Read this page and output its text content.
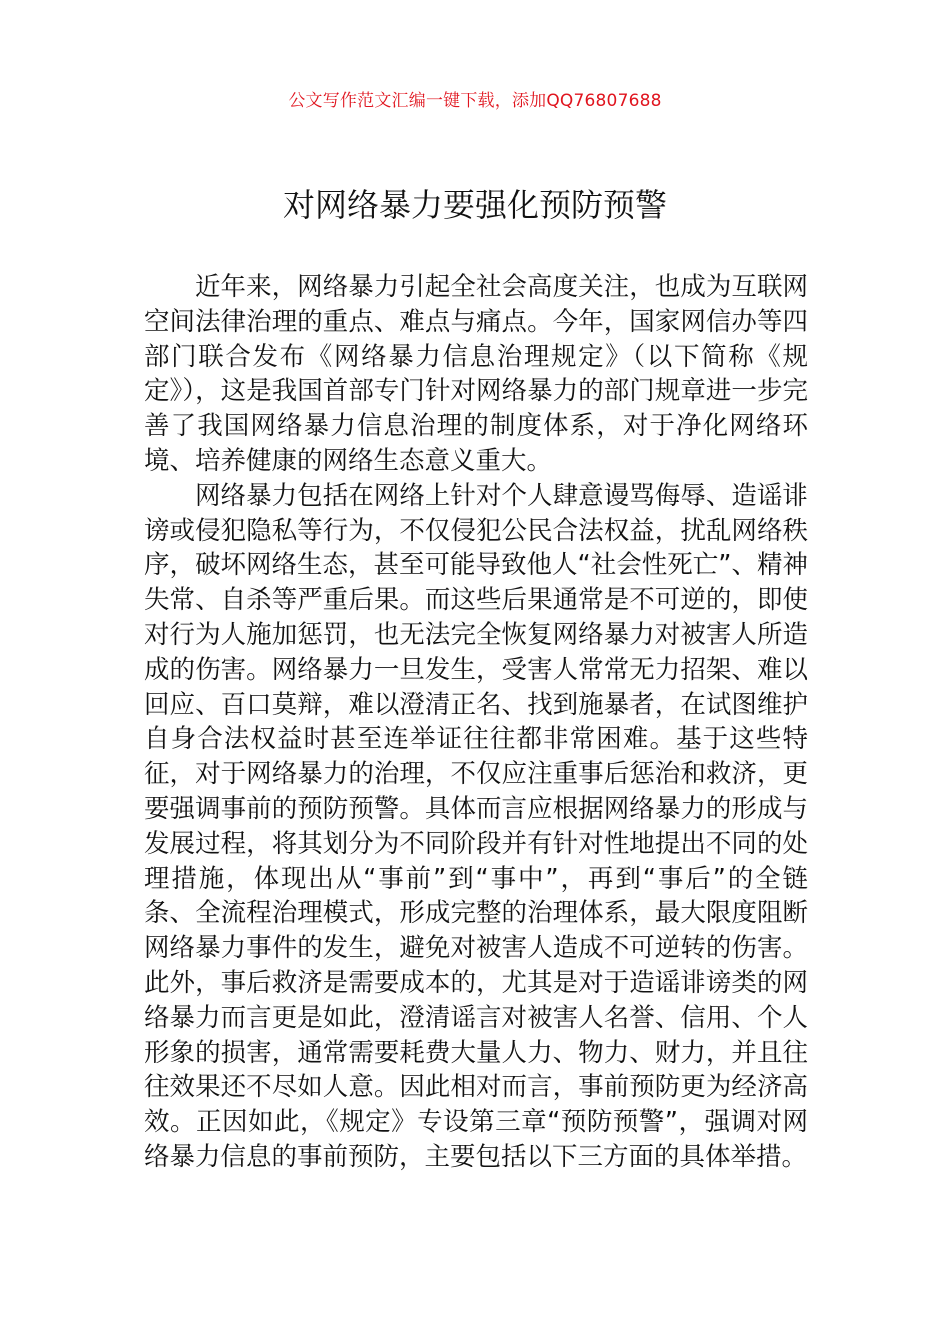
公文写作范文汇编一键下载，添加QQ76807688
对网络暴力要强化预防预警

近年来，网络暴力引起全社会高度关注，也成为互联网空间法律治理的重点、难点与痛点。今年，国家网信办等四部门联合发布《网络暴力信息治理规定》（以下简称《规定》），这是我国首部专门针对网络暴力的部门规章进一步完善了我国网络暴力信息治理的制度体系，对于净化网络环境、培养健康的网络生态意义重大。

网络暴力包括在网络上针对个人肆意谩骂侮辱、造谣诽谤或侵犯隐私等行为，不仅侵犯公民合法权益，扰乱网络秩序，破坏网络生态，甚至可能导致他人“社会性死亡”、精神失常、自杀等严重后果。而这些后果通常是不可逆的，即使对行为人施加惩罚，也无法完全恢复网络暴力对被害人所造成的伤害。网络暴力一旦发生，受害人常常无力招架、难以回应、百口莫辩，难以澄清正名、找到施暴者，在试图维护自身合法权益时甚至连举证往往都非常困难。基于这些特征，对于网络暴力的治理，不仅应注重事后惩治和救济，更要强调事前的预防预警。具体而言应根据网络暴力的形成与发展过程，将其划分为不同阶段并有针对性地提出不同的处理措施，体现出从“事前”到“事中”，再到“事后”的全链条、全流程治理模式，形成完整的治理体系，最大限度阻断网络暴力事件的发生，避免对被害人造成不可逆转的伤害。此外，事后救济是需要成本的，尤其是对于造谣诽谤类的网络暴力而言更是如此，澄清谣言对被害人名誉、信用、个人形象的损害，通常需要耗费大量人力、物力、财力，并且往往效果还不尽如人意。因此相对而言，事前预防更为经济高效。正因如此，《规定》专设第三章“预防预警”，强调对网络暴力信息的事前预防，主要包括以下三方面的具体举措。
